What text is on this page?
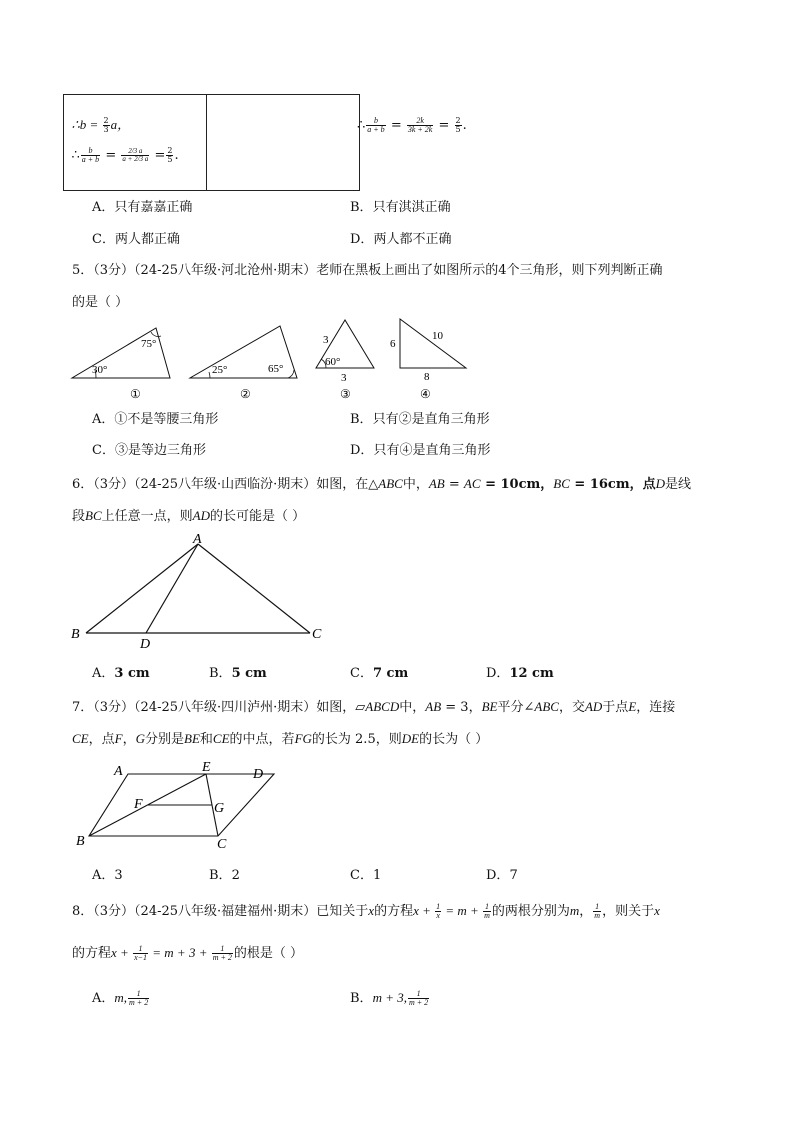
∴b = $\frac{2}{3}$ a，
∴ $\frac{b}{a + b} = \frac{2/3 a}{a + 2/3 a} = \frac{2}{5}$ .

∴ $\frac{b}{a + b} = \frac{2k}{3k + 2k} = \frac{2}{5}$ .
A．只有嘉嘉正确	B．只有淇淇正确
C．两人都正确	D．两人都不正确
5．（3分）（24-25八年级·河北沧州·期末）老师在黑板上画出了如图所示的4个三角形，则下列判断正确
的是（ ）
30°
75°
①
25°	65°
②
3
60°
3
③
6
10
8
④
A．①不是等腰三角形	B．只有②是直角三角形
C．③是等边三角形	D．只有④是直角三角形
6．（3分）（24-25八年级·山西临汾·期末）如图，在△ABC中，AB = AC = 10cm，BC = 16cm，点D是线
段BC上任意一点，则AD的长可能是（ ）
A
B	C
D
A．3 cm	B．5 cm	C．7 cm	D．12 cm
7．（3分）（24-25八年级·四川泸州·期末）如图，▱ABCD中，AB = 3，BE平分∠ABC，交AD于点E，连接
CE，点F，G分别是BE和CE的中点，若FG的长为 2.5，则DE的长为（ ）
A	E	D
F	G
B	C
A．3	B．2	C．1	D．7
8．（3分）（24-25八年级·福建福州·期末）已知关于x的方程$x + \frac{1}{x} = m + \frac{1}{m}$ 的两根分别为m， $\frac{1}{m}$ ，则关于x
的方程$x + \frac{1}{x-1} = m + 3 + \frac{1}{m + 2}$ 的根是（ ）
A．m, $\frac{1}{m + 2}$	B．m + 3, $\frac{1}{m + 2}$
